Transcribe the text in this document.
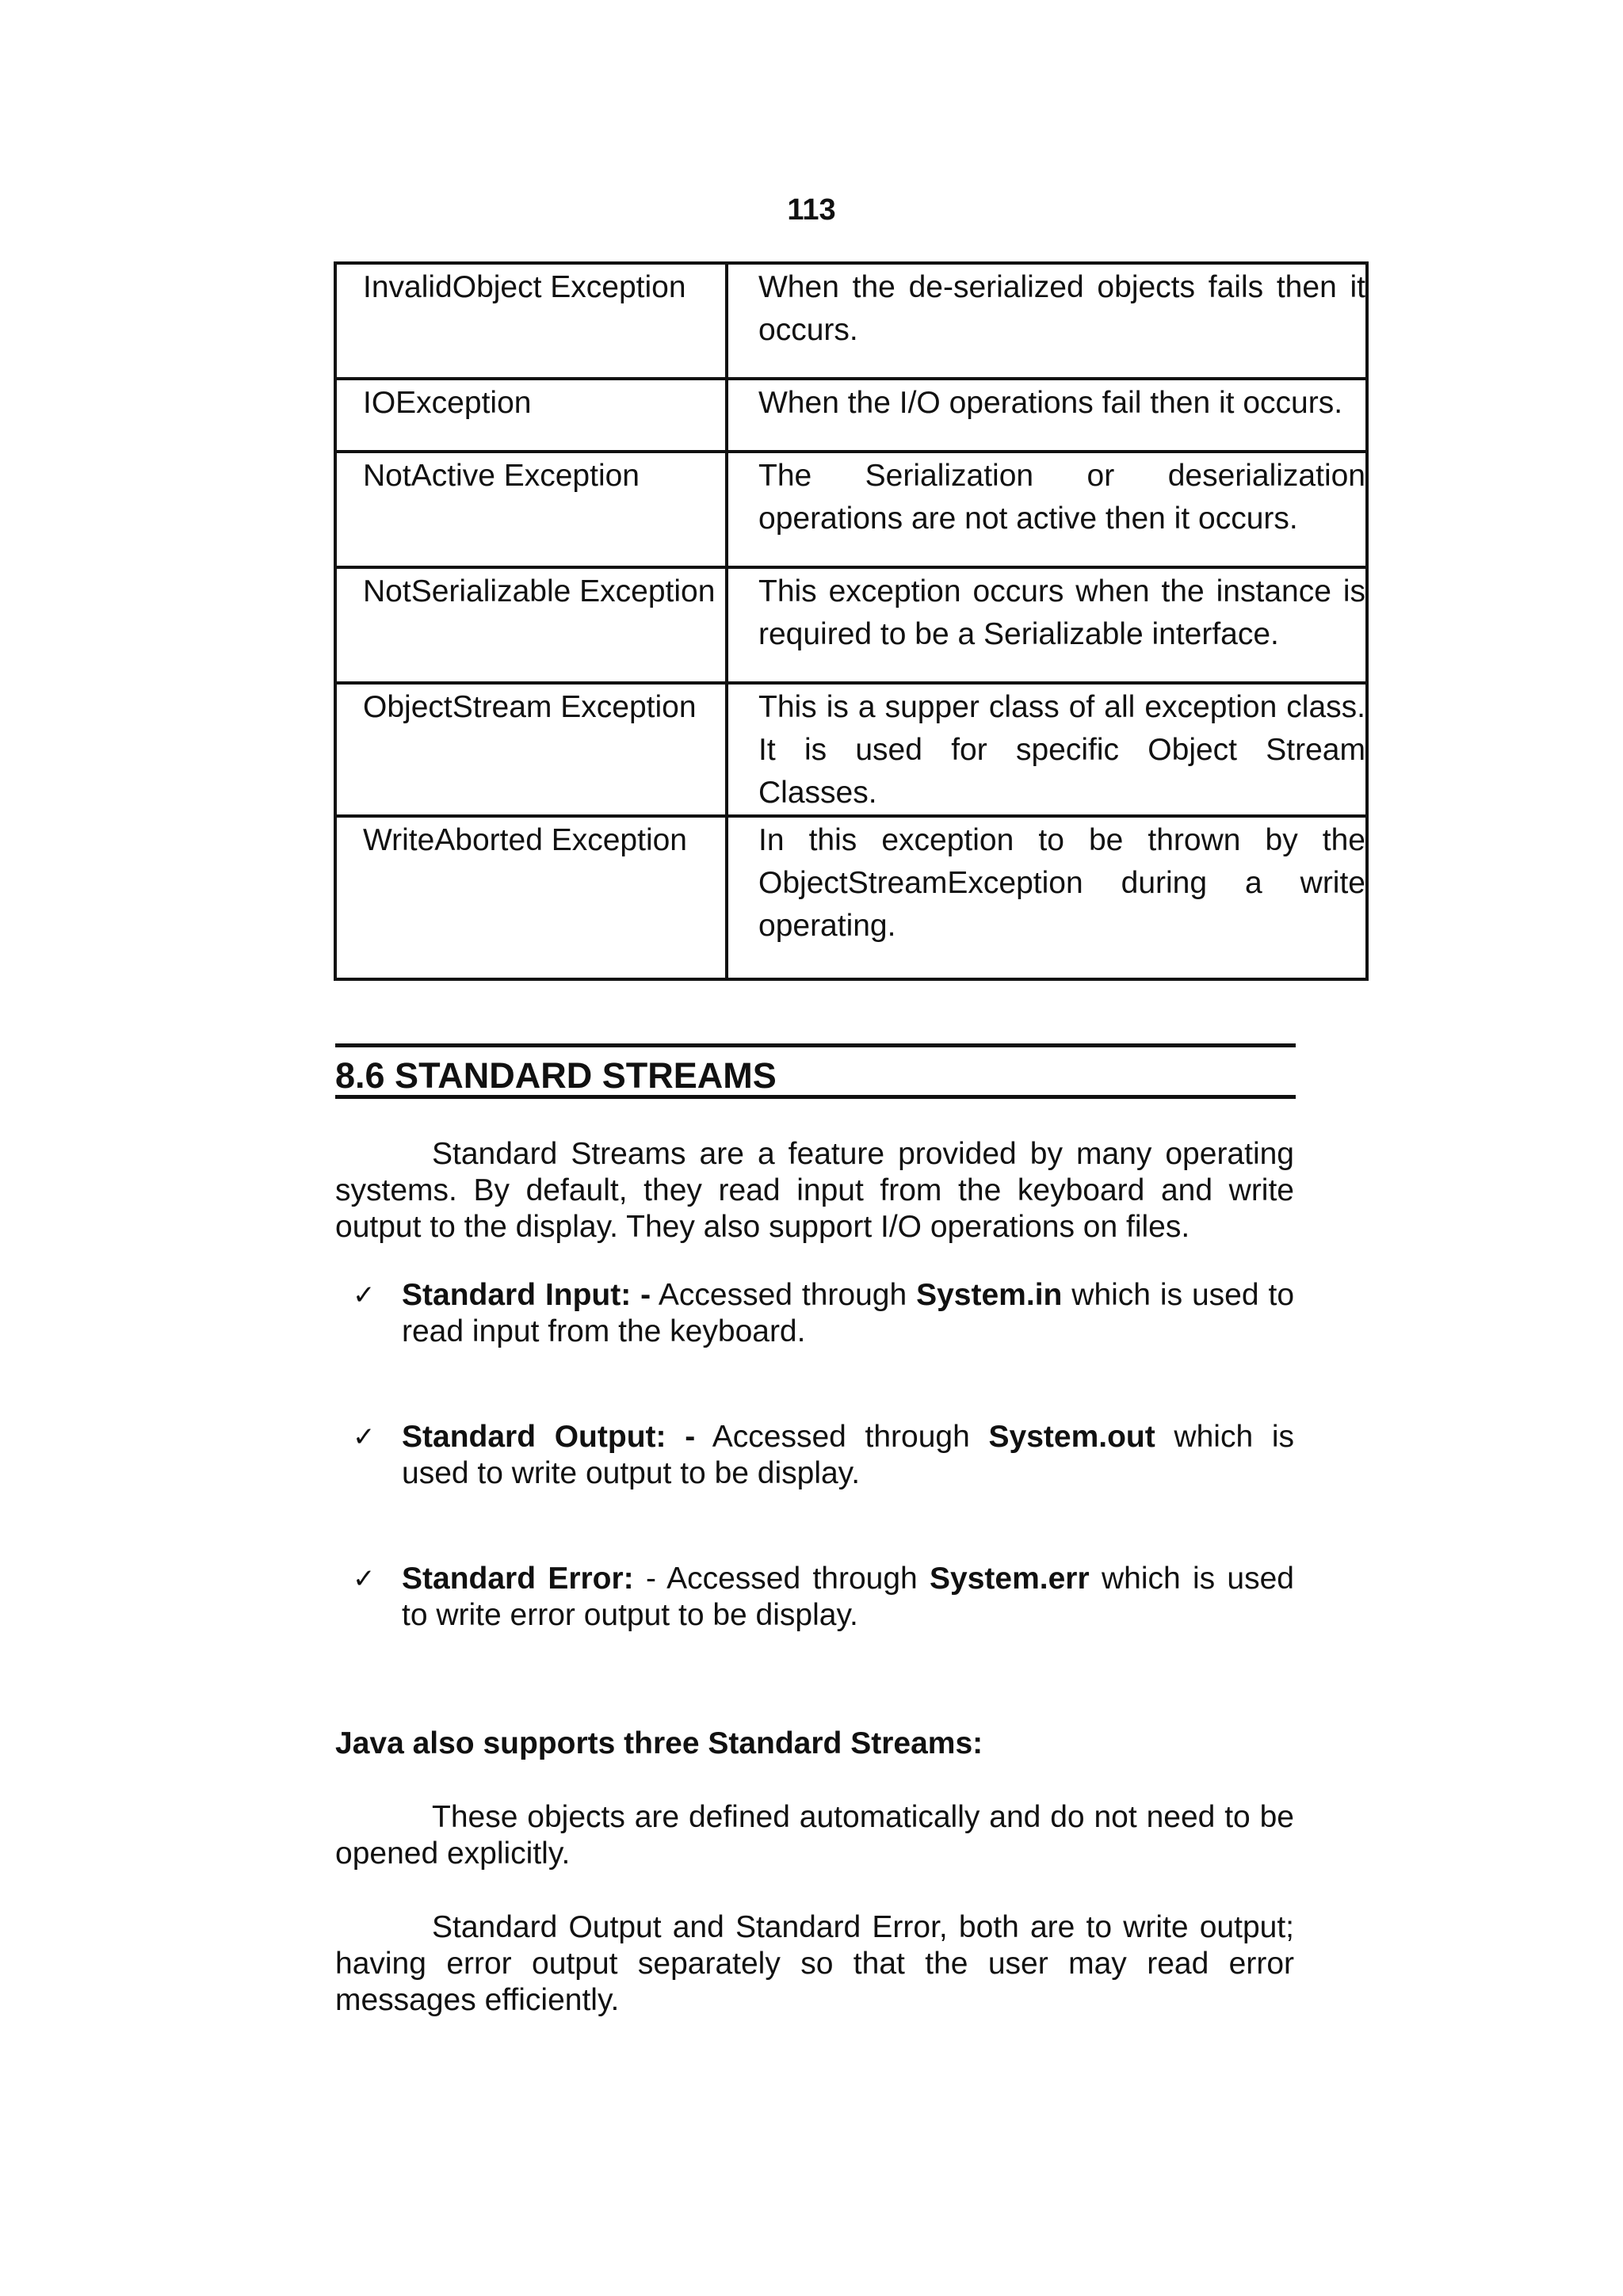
113
InvalidObject Exception	When the de-serialized objects fails then it occurs.
IOException	When the I/O operations fail then it occurs.
NotActive Exception	The Serialization or deserialization operations are not active then it occurs.
NotSerializable Exception	This exception occurs when the instance is required to be a Serializable interface.
ObjectStream Exception	This is a supper class of all exception class. It is used for specific Object Stream Classes.
WriteAborted Exception	In this exception to be thrown by the ObjectStreamException during a write operating.
8.6 STANDARD STREAMS

Standard Streams are a feature provided by many operating systems. By default, they read input from the keyboard and write output to the display. They also support I/O operations on files.

✓ Standard Input: - Accessed through System.in which is used to read input from the keyboard.
✓ Standard Output: - Accessed through System.out which is used to write output to be display.
✓ Standard Error: - Accessed through System.err which is used to write error output to be display.
Java also supports three Standard Streams:

These objects are defined automatically and do not need to be opened explicitly.

Standard Output and Standard Error, both are to write output; having error output separately so that the user may read error messages efficiently.
